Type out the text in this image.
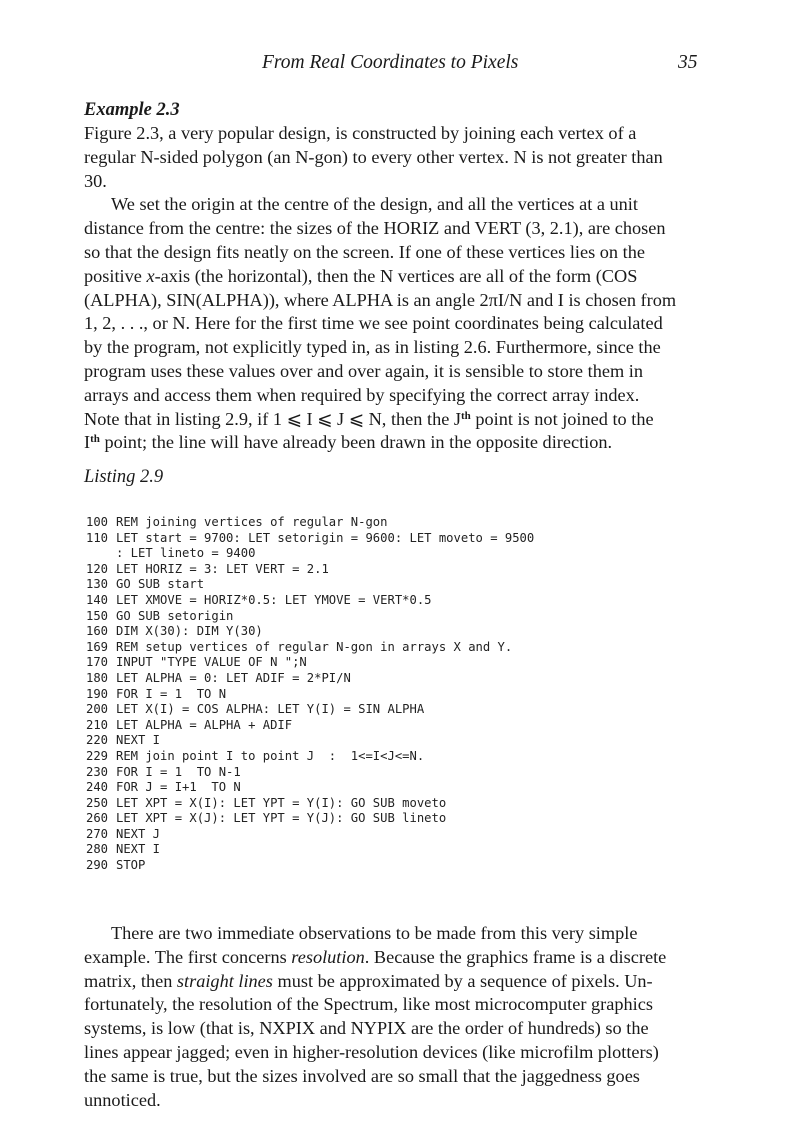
From Real Coordinates to Pixels	35

Example 2.3

Figure 2.3, a very popular design, is constructed by joining each vertex of a
regular N-sided polygon (an N-gon) to every other vertex. N is not greater than
30.

We set the origin at the centre of the design, and all the vertices at a unit
distance from the centre: the sizes of the HORIZ and VERT (3, 2.1), are chosen
so that the design fits neatly on the screen. If one of these vertices lies on the
positive x-axis (the horizontal), then the N vertices are all of the form (COS
(ALPHA), SIN(ALPHA)), where ALPHA is an angle 2πI/N and I is chosen from
1, 2, . . ., or N. Here for the first time we see point coordinates being calculated
by the program, not explicitly typed in, as in listing 2.6. Furthermore, since the
program uses these values over and over again, it is sensible to store them in
arrays and access them when required by specifying the correct array index.
Note that in listing 2.9, if 1 ⩽ I ⩽ J ⩽ N, then the $J^{th}$ point is not joined to the
Ith point; the line will have already been drawn in the opposite direction.

Listing 2.9

100 REM joining vertices of regular N-gon
110 LET start = 9700: LET setorigin = 9600: LET moveto = 9500
: LET lineto = 9400
120 LET HORIZ = 3: LET VERT = 2.1
130 GO SUB start
140 LET XMOVE = HORIZ*0.5: LET YMOVE = VERT*0.5
150 GO SUB setorigin
160 DIM X(30): DIM Y(30)
169 REM setup vertices of regular N-gon in arrays X and Y.
170 INPUT "TYPE VALUE OF N ";N
180 LET ALPHA = 0: LET ADIF = 2*PI/N
190 FOR I = 1  TO N
200 LET X(I) = COS ALPHA: LET Y(I) = SIN ALPHA
210 LET ALPHA = ALPHA + ADIF
220 NEXT I
229 REM join point I to point J  :  1<=I<J<=N.
230 FOR I = 1  TO N-1
240 FOR J = I+1  TO N
250 LET XPT = X(I): LET YPT = Y(I): GO SUB moveto
260 LET XPT = X(J): LET YPT = Y(J): GO SUB lineto
270 NEXT J
280 NEXT I
290 STOP

There are two immediate observations to be made from this very simple
example. The first concerns resolution. Because the graphics frame is a discrete
matrix, then straight lines must be approximated by a sequence of pixels. Un-
fortunately, the resolution of the Spectrum, like most microcomputer graphics
systems, is low (that is, NXPIX and NYPIX are the order of hundreds) so the
lines appear jagged; even in higher-resolution devices (like microfilm plotters)
the same is true, but the sizes involved are so small that the jaggedness goes
unnoticed.
